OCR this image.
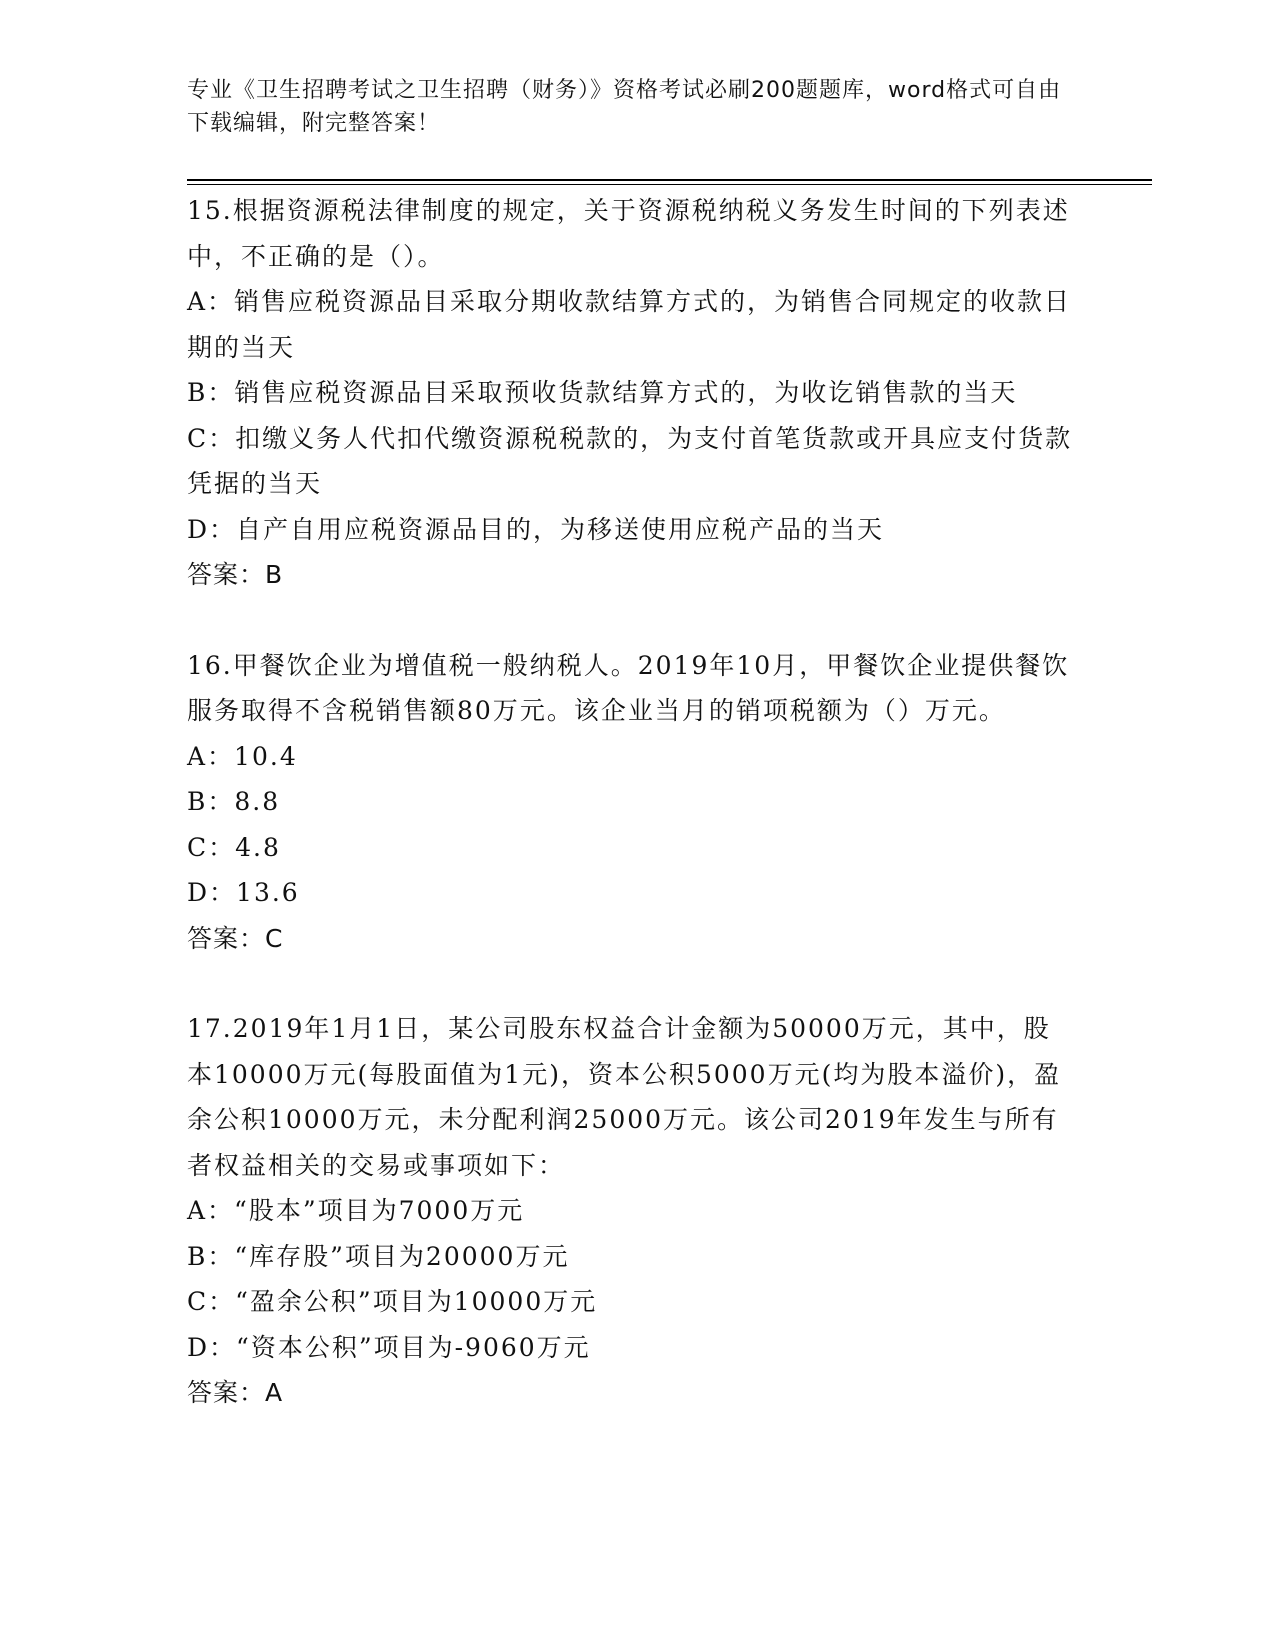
专业《卫生招聘考试之卫生招聘（财务）》资格考试必刷200题题库，word格式可自由下载编辑，附完整答案！

15.根据资源税法律制度的规定，关于资源税纳税义务发生时间的下列表述中，不正确的是（）。

A：销售应税资源品目采取分期收款结算方式的，为销售合同规定的收款日期的当天

B：销售应税资源品目采取预收货款结算方式的，为收讫销售款的当天

C：扣缴义务人代扣代缴资源税税款的，为支付首笔货款或开具应支付货款凭据的当天

D：自产自用应税资源品目的，为移送使用应税产品的当天

答案：B

16.甲餐饮企业为增值税一般纳税人。2019年10月，甲餐饮企业提供餐饮服务取得不含税销售额80万元。该企业当月的销项税额为（）万元。

A：10.4

B：8.8

C：4.8

D：13.6

答案：C

17.2019年1月1日，某公司股东权益合计金额为50000万元，其中，股本10000万元(每股面值为1元)，资本公积5000万元(均为股本溢价)，盈余公积10000万元，未分配利润25000万元。该公司2019年发生与所有者权益相关的交易或事项如下：

A：“股本”项目为7000万元

B：“库存股”项目为20000万元

C：“盈余公积”项目为10000万元

D：“资本公积”项目为-9060万元

答案：A
